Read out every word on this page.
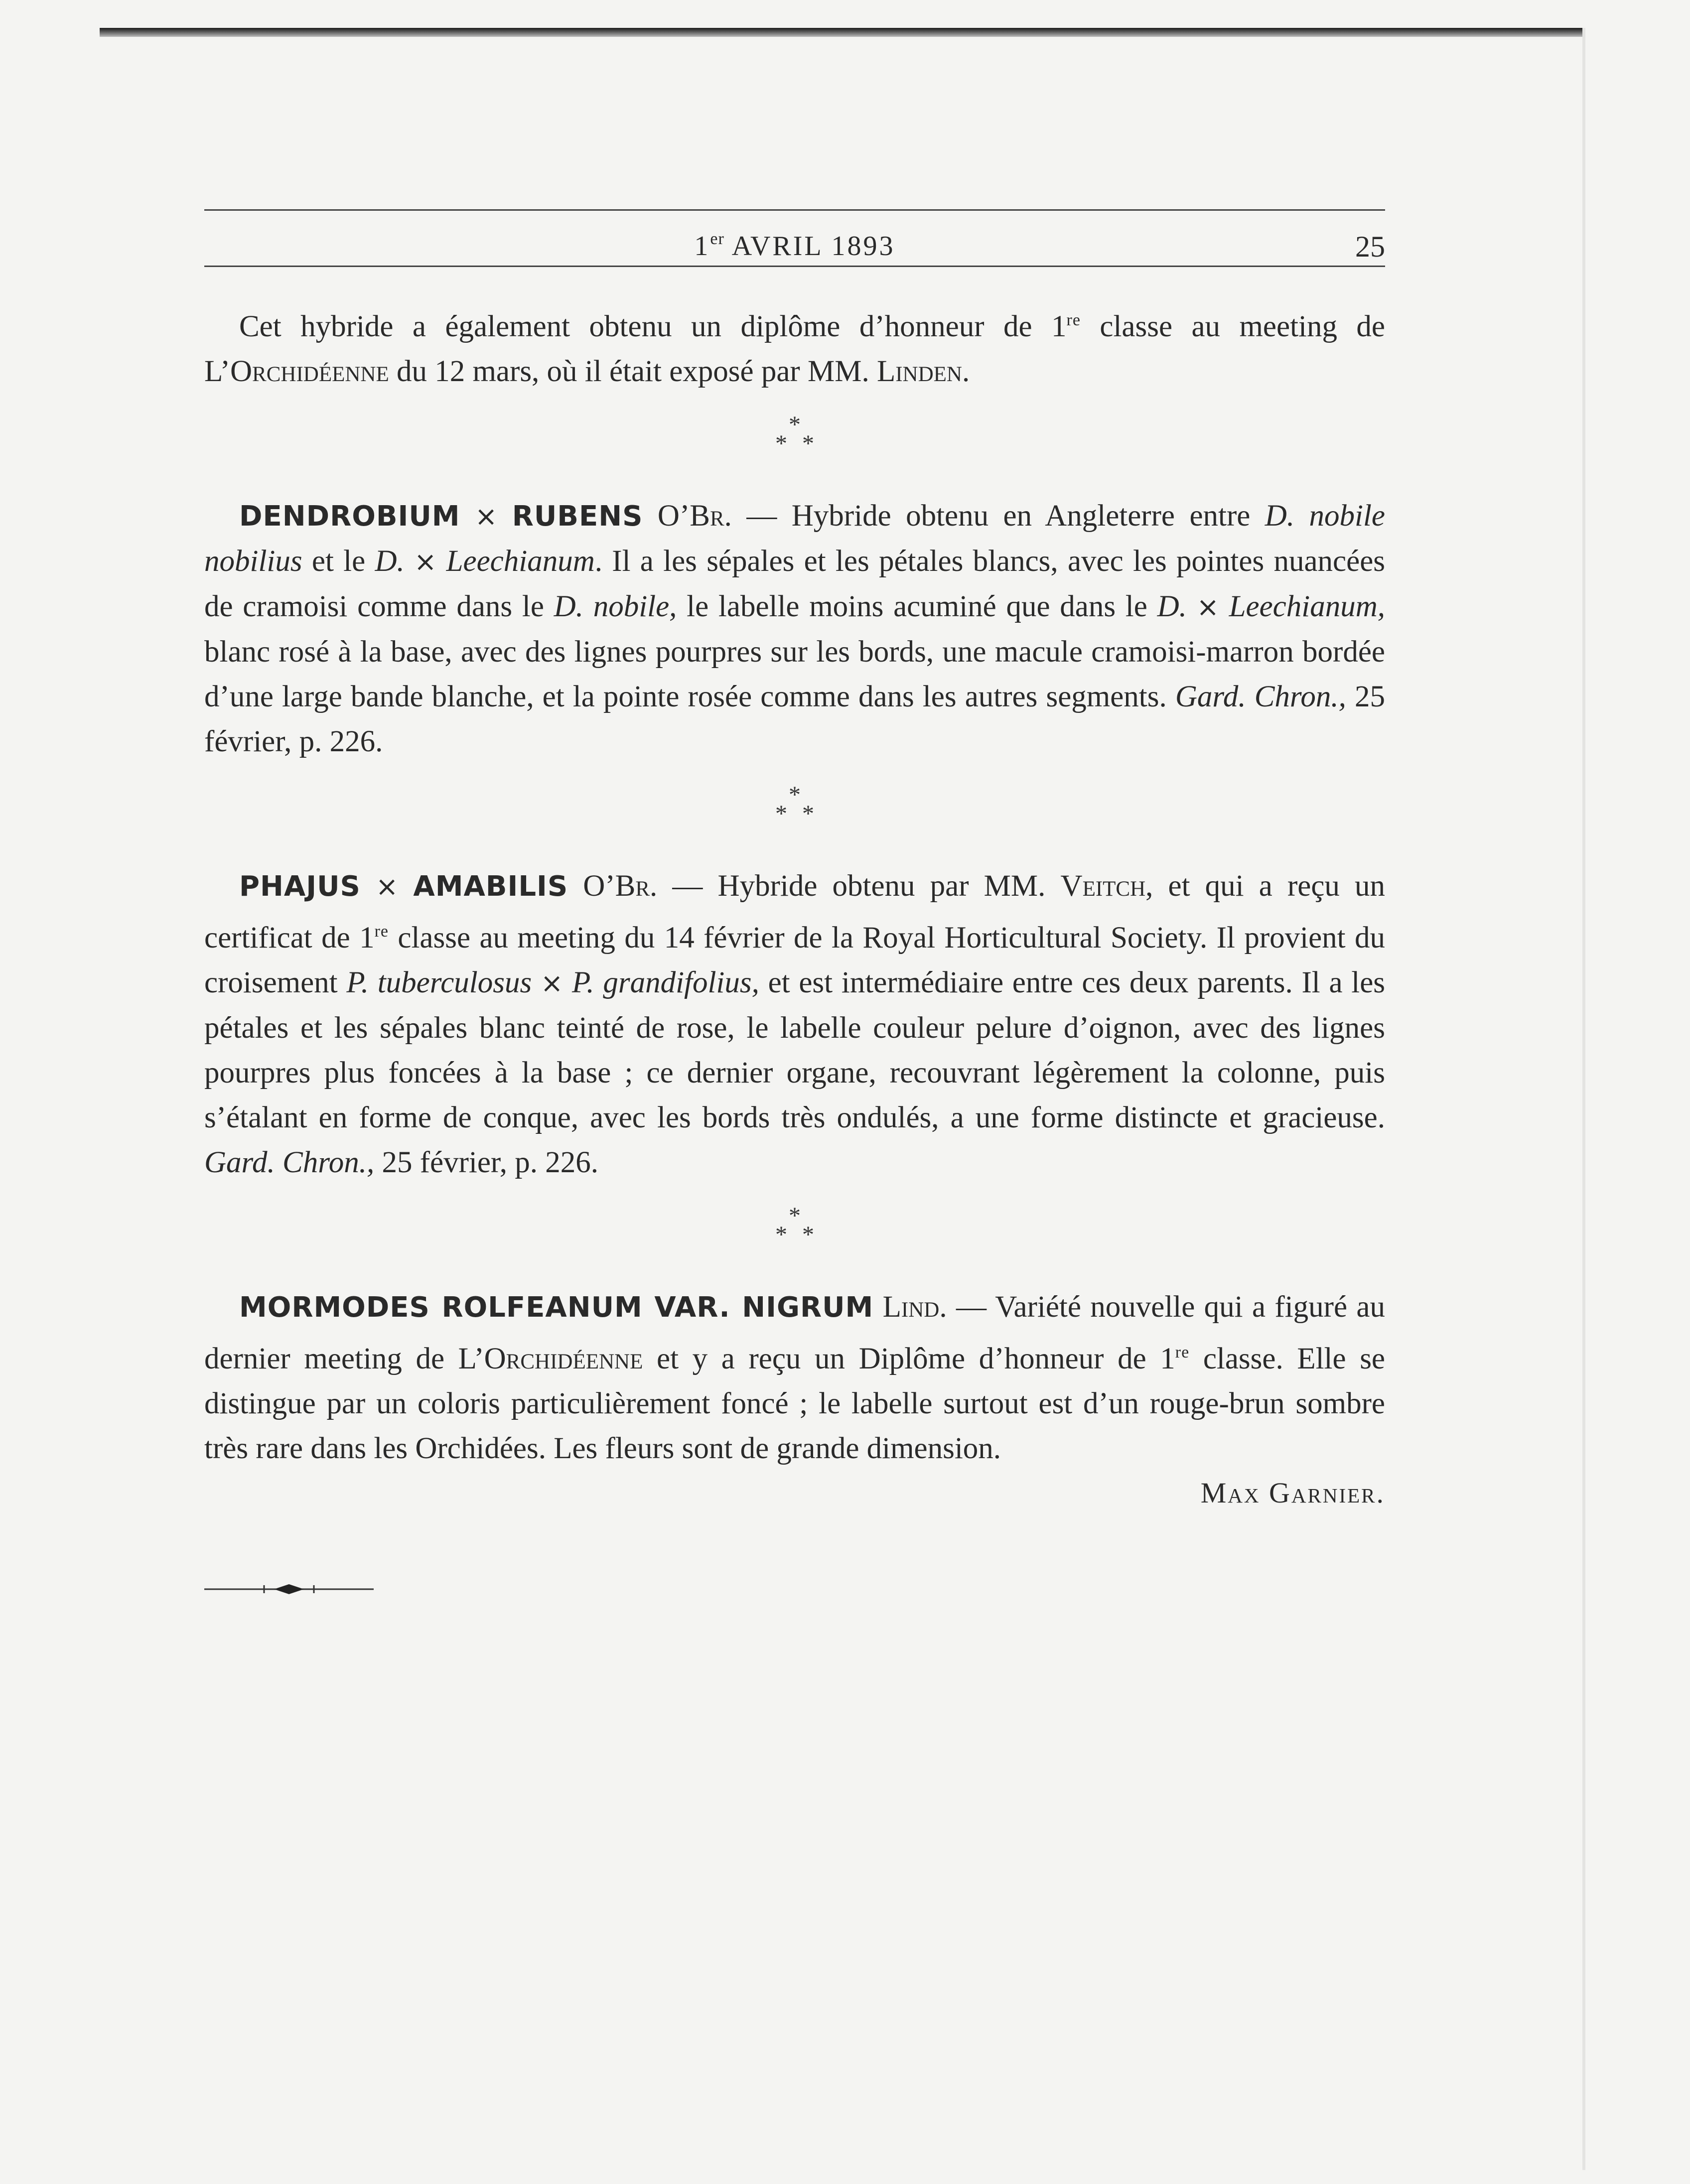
1er AVRIL 1893	25

Cet hybride a également obtenu un diplôme d’honneur de 1re classe au meeting de L’Orchidéenne du 12 mars, où il était exposé par MM. Linden.

*
**

DENDROBIUM × RUBENS O’Br. — Hybride obtenu en Angleterre entre D. nobile nobilius et le D. × Leechianum. Il a les sépales et les pétales blancs, avec les pointes nuancées de cramoisi comme dans le D. nobile, le labelle moins acuminé que dans le D. × Leechianum, blanc rosé à la base, avec des lignes pourpres sur les bords, une macule cramoisi-marron bordée d’une large bande blanche, et la pointe rosée comme dans les autres segments. Gard. Chron., 25 février, p. 226.

*
**

PHAJUS × AMABILIS O’Br. — Hybride obtenu par MM. Veitch, et qui a reçu un certificat de 1re classe au meeting du 14 février de la Royal Horticultural Society. Il provient du croisement P. tuberculosus × P. grandifolius, et est intermédiaire entre ces deux parents. Il a les pétales et les sépales blanc teinté de rose, le labelle couleur pelure d’oignon, avec des lignes pourpres plus foncées à la base ; ce dernier organe, recouvrant légèrement la colonne, puis s’étalant en forme de conque, avec les bords très ondulés, a une forme distincte et gracieuse. Gard. Chron., 25 février, p. 226.

*
**

MORMODES ROLFEANUM VAR. NIGRUM Lind. — Variété nouvelle qui a figuré au dernier meeting de L’Orchidéenne et y a reçu un Diplôme d’honneur de 1re classe. Elle se distingue par un coloris particulièrement foncé ; le labelle surtout est d’un rouge-brun sombre très rare dans les Orchidées. Les fleurs sont de grande dimension.

Max Garnier.
